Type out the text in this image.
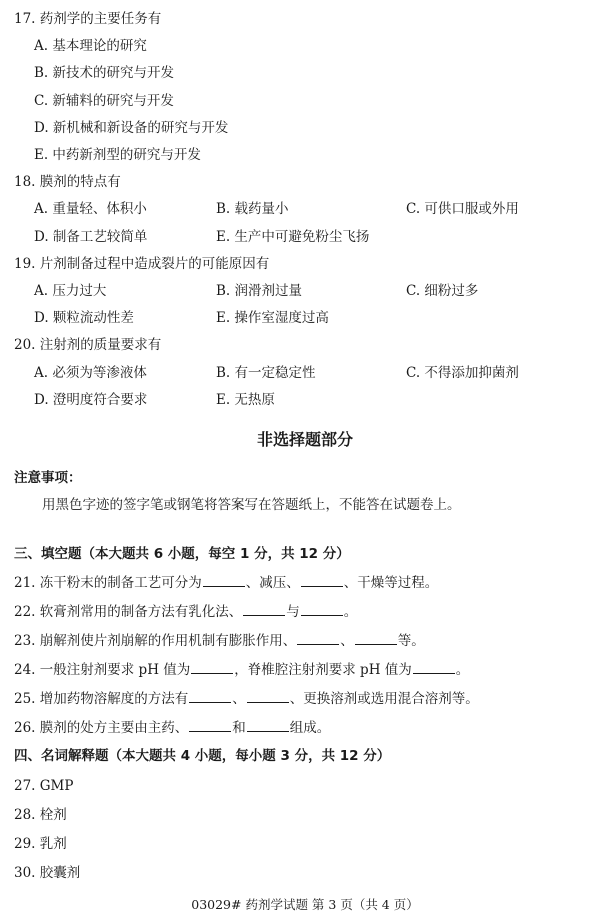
17. 药剂学的主要任务有
A. 基本理论的研究
B. 新技术的研究与开发
C. 新辅料的研究与开发
D. 新机械和新设备的研究与开发
E. 中药新剂型的研究与开发
18. 膜剂的特点有
A. 重量轻、体积小	B. 载药量小	C. 可供口服或外用
D. 制备工艺较简单	E. 生产中可避免粉尘飞扬
19. 片剂制备过程中造成裂片的可能原因有
A. 压力过大	B. 润滑剂过量	C. 细粉过多
D. 颗粒流动性差	E. 操作室湿度过高
20. 注射剂的质量要求有
A. 必须为等渗液体	B. 有一定稳定性	C. 不得添加抑菌剂
D. 澄明度符合要求	E. 无热原
非选择题部分
注意事项：
用黑色字迹的签字笔或钢笔将答案写在答题纸上，不能答在试题卷上。
三、填空题（本大题共 6 小题，每空 1 分，共 12 分）
21. 冻干粉末的制备工艺可分为	、减压、	、干燥等过程。
22. 软膏剂常用的制备方法有乳化法、	与	。
23. 崩解剂使片剂崩解的作用机制有膨胀作用、	、	等。
24. 一般注射剂要求 pH 值为	，脊椎腔注射剂要求 pH 值为	。
25. 增加药物溶解度的方法有	、	、更换溶剂或选用混合溶剂等。
26. 膜剂的处方主要由主药、	和	组成。
四、名词解释题（本大题共 4 小题，每小题 3 分，共 12 分）
27. GMP
28. 栓剂
29. 乳剂
30. 胶囊剂
03029# 药剂学试题 第 3 页（共 4 页）
